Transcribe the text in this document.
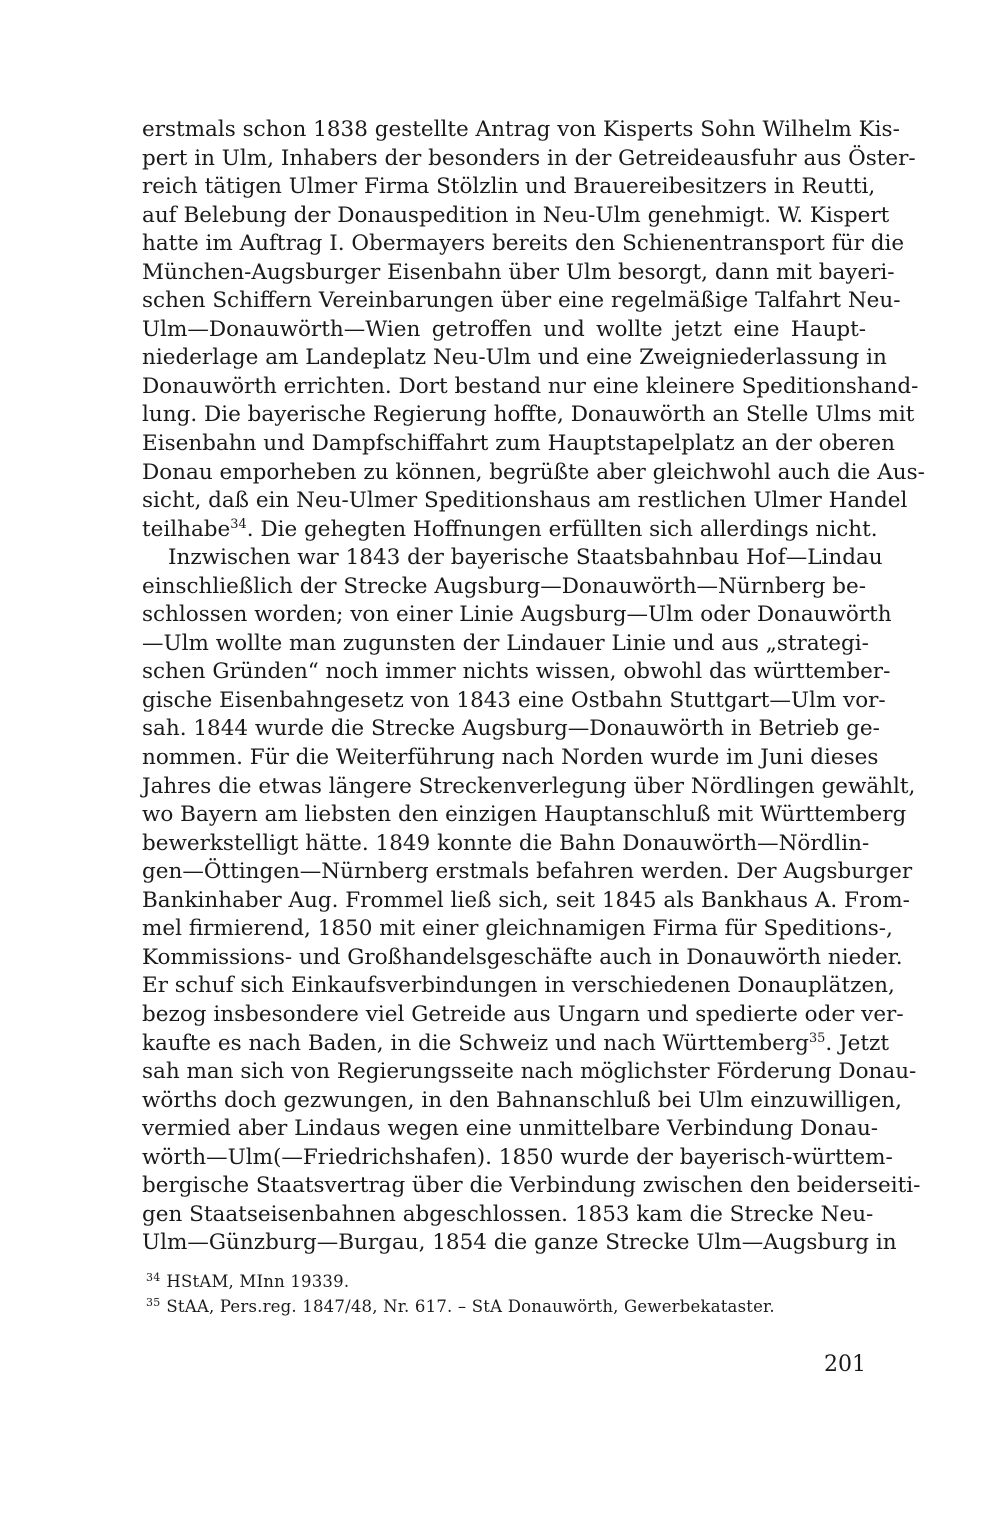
erstmals schon 1838 gestellte Antrag von Kisperts Sohn Wilhelm Kis-
pert in Ulm, Inhabers der besonders in der Getreideausfuhr aus Öster-
reich tätigen Ulmer Firma Stölzlin und Brauereibesitzers in Reutti,
auf Belebung der Donauspedition in Neu-Ulm genehmigt. W. Kispert
hatte im Auftrag I. Obermayers bereits den Schienentransport für die
München-Augsburger Eisenbahn über Ulm besorgt, dann mit bayeri-
schen Schiffern Vereinbarungen über eine regelmäßige Talfahrt Neu-
Ulm—Donauwörth—Wien getroffen und wollte jetzt eine Haupt-
niederlage am Landeplatz Neu-Ulm und eine Zweigniederlassung in
Donauwörth errichten. Dort bestand nur eine kleinere Speditionshand-
lung. Die bayerische Regierung hoffte, Donauwörth an Stelle Ulms mit
Eisenbahn und Dampfschiffahrt zum Hauptstapelplatz an der oberen
Donau emporheben zu können, begrüßte aber gleichwohl auch die Aus-
sicht, daß ein Neu-Ulmer Speditionshaus am restlichen Ulmer Handel
teilhabe$^{34}$. Die gehegten Hoffnungen erfüllten sich allerdings nicht.
Inzwischen war 1843 der bayerische Staatsbahnbau Hof—Lindau
einschließlich der Strecke Augsburg—Donauwörth—Nürnberg be-
schlossen worden; von einer Linie Augsburg—Ulm oder Donauwörth
—Ulm wollte man zugunsten der Lindauer Linie und aus „strategi-
schen Gründen“ noch immer nichts wissen, obwohl das württember-
gische Eisenbahngesetz von 1843 eine Ostbahn Stuttgart—Ulm vor-
sah. 1844 wurde die Strecke Augsburg—Donauwörth in Betrieb ge-
nommen. Für die Weiterführung nach Norden wurde im Juni dieses
Jahres die etwas längere Streckenverlegung über Nördlingen gewählt,
wo Bayern am liebsten den einzigen Hauptanschluß mit Württemberg
bewerkstelligt hätte. 1849 konnte die Bahn Donauwörth—Nördlin-
gen—Öttingen—Nürnberg erstmals befahren werden. Der Augsburger
Bankinhaber Aug. Frommel ließ sich, seit 1845 als Bankhaus A. From-
mel firmierend, 1850 mit einer gleichnamigen Firma für Speditions-,
Kommissions- und Großhandelsgeschäfte auch in Donauwörth nieder.
Er schuf sich Einkaufsverbindungen in verschiedenen Donauplätzen,
bezog insbesondere viel Getreide aus Ungarn und spedierte oder ver-
kaufte es nach Baden, in die Schweiz und nach Württemberg$^{35}$. Jetzt
sah man sich von Regierungsseite nach möglichster Förderung Donau-
wörths doch gezwungen, in den Bahnanschluß bei Ulm einzuwilligen,
vermied aber Lindaus wegen eine unmittelbare Verbindung Donau-
wörth—Ulm(—Friedrichshafen). 1850 wurde der bayerisch-württem-
bergische Staatsvertrag über die Verbindung zwischen den beiderseiti-
gen Staatseisenbahnen abgeschlossen. 1853 kam die Strecke Neu-
Ulm—Günzburg—Burgau, 1854 die ganze Strecke Ulm—Augsburg in
$^{34}$ HStAM, MInn 19339.
$^{35}$ StAA, Pers.reg. 1847/48, Nr. 617. – StA Donauwörth, Gewerbekataster.
201
